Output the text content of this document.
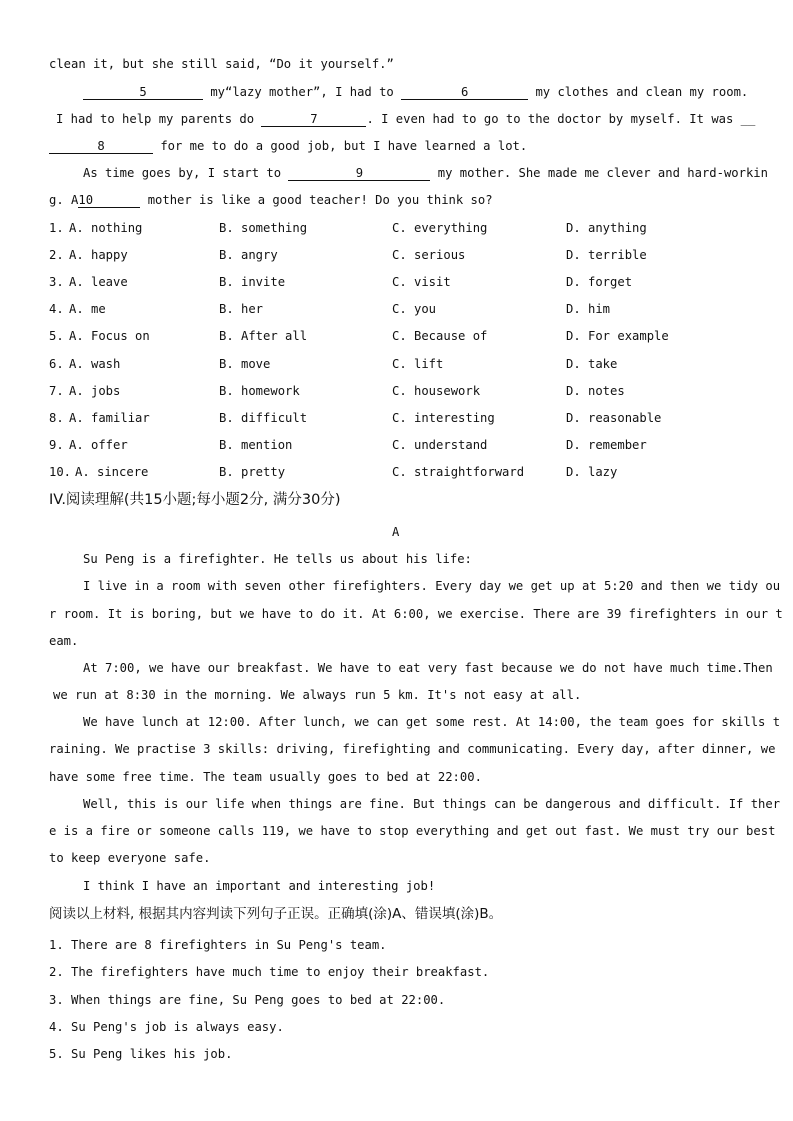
clean it, but she still said, “Do it yourself.”
5	my“lazy mother”, I had to	6	my clothes and clean my room.
I had to help my parents do	7	. I even had to go to the doctor by myself. It was __
8	for me to do a good job, but I have learned a lot.
As time goes by, I start to	9	my mother. She made me clever and hard-workin
g. A10	mother is like a good teacher! Do you think so?
1. A. nothing	B. something	C. everything	D. anything
2. A. happy	B. angry	C. serious	D. terrible
3. A. leave	B. invite	C. visit	D. forget
4. A. me	B. her	C. you	D. him
5. A. Focus on	B. After all	C. Because of	D. For example
6. A. wash	B. move	C. lift	D. take
7. A. jobs	B. homework	C. housework	D. notes
8. A. familiar	B. difficult	C. interesting	D. reasonable
9. A. offer	B. mention	C. understand	D. remember
10. A. sincere	B. pretty	C. straightforward	D. lazy
IV.阅读理解(共15小题;每小题2分, 满分30分)
A
Su Peng is a firefighter. He tells us about his life:
I live in a room with seven other firefighters. Every day we get up at 5:20 and then we tidy ou
r room. It is boring, but we have to do it. At 6:00, we exercise. There are 39 firefighters in our t
eam.
At 7:00, we have our breakfast. We have to eat very fast because we do not have much time.Then
we run at 8:30 in the morning. We always run 5 km. It's not easy at all.
We have lunch at 12:00. After lunch, we can get some rest. At 14:00, the team goes for skills t
raining. We practise 3 skills: driving, firefighting and communicating. Every day, after dinner, we
have some free time. The team usually goes to bed at 22:00.
Well, this is our life when things are fine. But things can be dangerous and difficult. If ther
e is a fire or someone calls 119, we have to stop everything and get out fast. We must try our best
to keep everyone safe.
I think I have an important and interesting job!
阅读以上材料, 根据其内容判读下列句子正误。正确填(涂)A、错误填(涂)B。
1. There are 8 firefighters in Su Peng's team.
2. The firefighters have much time to enjoy their breakfast.
3. When things are fine, Su Peng goes to bed at 22:00.
4. Su Peng's job is always easy.
5. Su Peng likes his job.
